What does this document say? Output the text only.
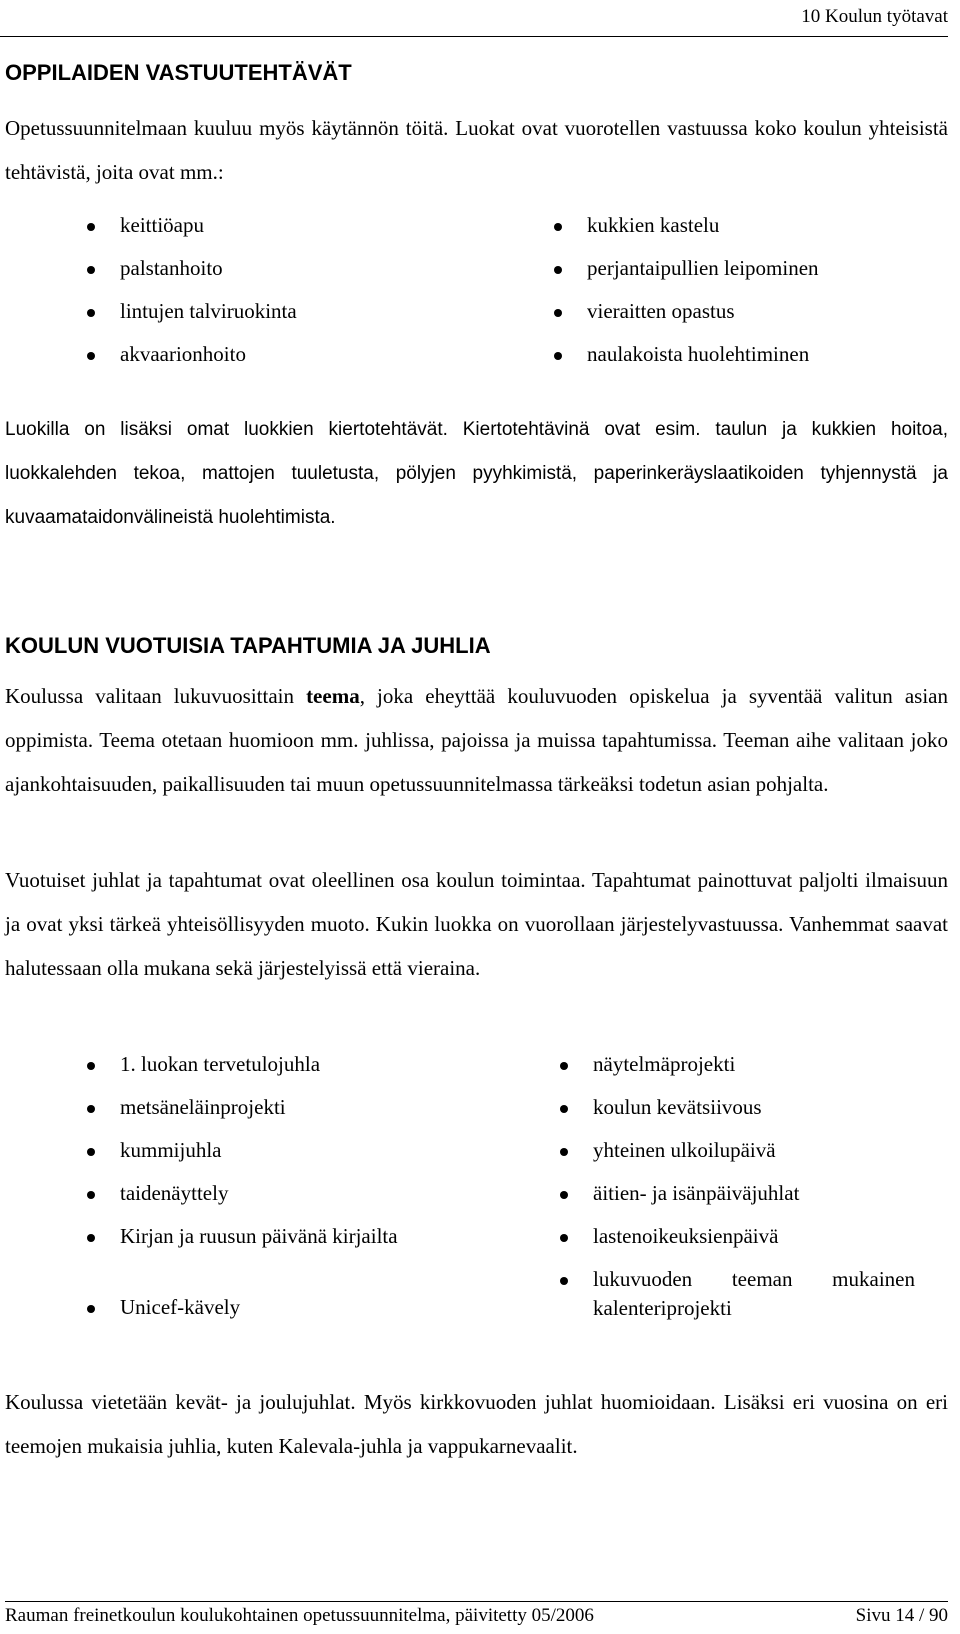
10 Koulun työtavat
OPPILAIDEN VASTUUTEHTÄVÄT

Opetussuunnitelmaan kuuluu myös käytännön töitä. Luokat ovat vuorotellen vastuussa koko koulun yhteisistä tehtävistä, joita ovat mm.:

keittiöapu
palstanhoito
lintujen talviruokinta
akvaarionhoito
kukkien kastelu
perjantaipullien leipominen
vieraitten opastus
naulakoista huolehtiminen

Luokilla on lisäksi omat luokkien kiertotehtävät. Kiertotehtävinä ovat esim. taulun ja kukkien hoitoa, luokkalehden tekoa, mattojen tuuletusta, pölyjen pyyhkimistä, paperinkeräyslaatikoiden tyhjennystä ja kuvaamataidonvälineistä huolehtimista.

KOULUN VUOTUISIA TAPAHTUMIA JA JUHLIA

Koulussa valitaan lukuvuosittain teema, joka eheyttää kouluvuoden opiskelua ja syventää valitun asian oppimista. Teema otetaan huomioon mm. juhlissa, pajoissa ja muissa tapahtumissa. Teeman aihe valitaan joko ajankohtaisuuden, paikallisuuden tai muun opetussuunnitelmassa tärkeäksi todetun asian pohjalta.

Vuotuiset juhlat ja tapahtumat ovat oleellinen osa koulun toimintaa. Tapahtumat painottuvat paljolti ilmaisuun ja ovat yksi tärkeä yhteisöllisyyden muoto. Kukin luokka on vuorollaan järjestelyvastuussa. Vanhemmat saavat halutessaan olla mukana sekä järjestelyissä että vieraina.

1. luokan tervetulojuhla
metsäneläinprojekti
kummijuhla
taidenäyttely
Kirjan ja ruusun päivänä kirjailta
Unicef-kävely
näytelmäprojekti
koulun kevätsiivous
yhteinen ulkoilupäivä
äitien- ja isänpäiväjuhlat
lastenoikeuksienpäivä
lukuvuoden teeman mukainen kalenteriprojekti

Koulussa vietetään kevät- ja joulujuhlat. Myös kirkkovuoden juhlat huomioidaan. Lisäksi eri vuosina on eri teemojen mukaisia juhlia, kuten Kalevala-juhla ja vappukarnevaalit.

Rauman freinetkoulun koulukohtainen opetussuunnitelma, päivitetty 05/2006	Sivu 14 / 90
